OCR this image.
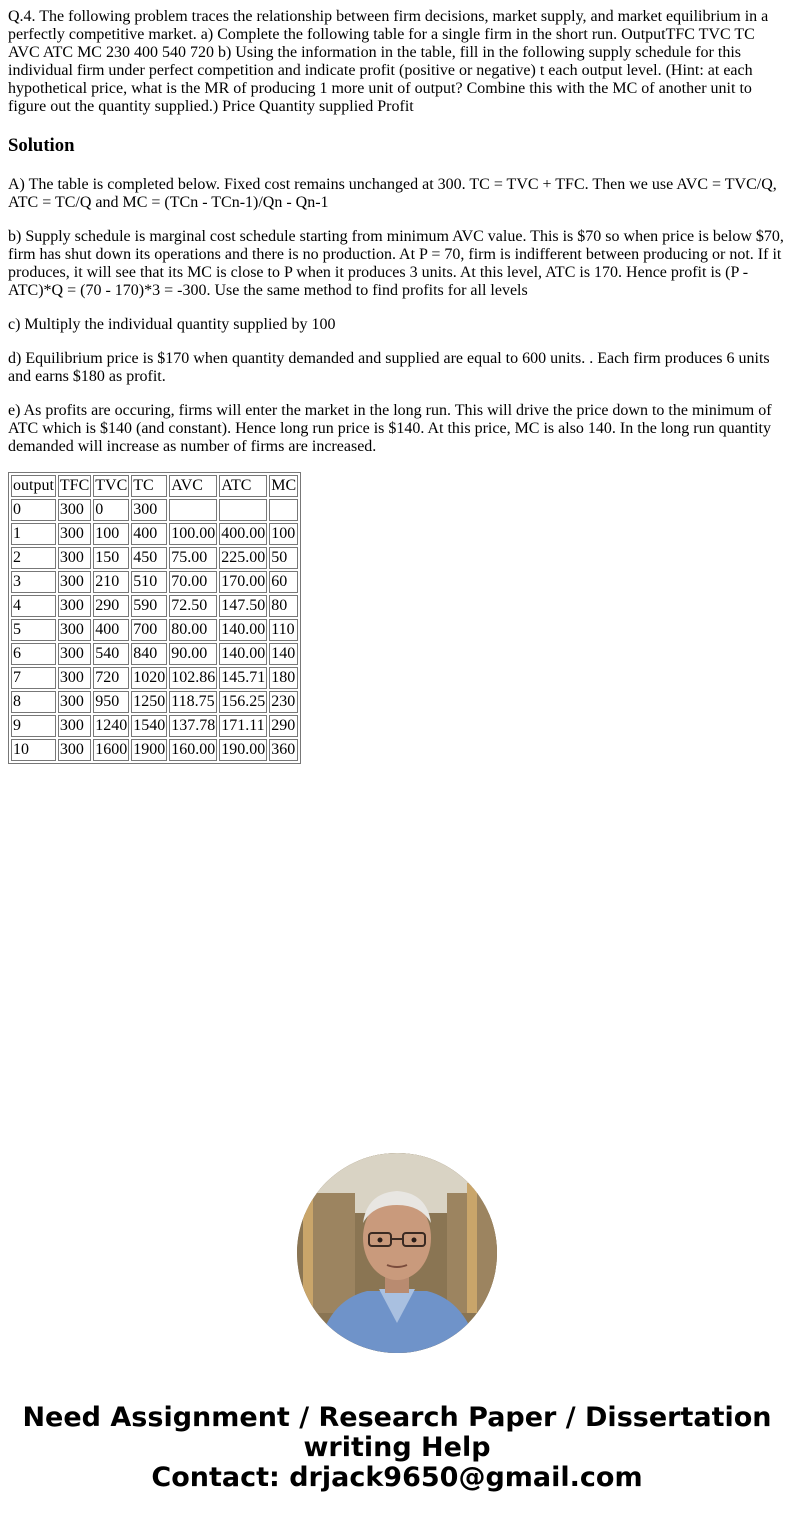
Q.4. The following problem traces the relationship between firm decisions, market supply, and market equilibrium in a perfectly competitive market. a) Complete the following table for a single firm in the short run. OutputTFC TVC TC AVC ATC MC 230 400 540 720 b) Using the information in the table, fill in the following supply schedule for this individual firm under perfect competition and indicate profit (positive or negative) t each output level. (Hint: at each hypothetical price, what is the MR of producing 1 more unit of output? Combine this with the MC of another unit to figure out the quantity supplied.) Price Quantity supplied Profit

Solution

A) The table is completed below. Fixed cost remains unchanged at 300. TC = TVC + TFC. Then we use AVC = TVC/Q, ATC = TC/Q and MC = (TCn - TCn-1)/Qn - Qn-1

b) Supply schedule is marginal cost schedule starting from minimum AVC value. This is $70 so when price is below $70, firm has shut down its operations and there is no production. At P = 70, firm is indifferent between producing or not. If it produces, it will see that its MC is close to P when it produces 3 units. At this level, ATC is 170. Hence profit is (P - ATC)*Q = (70 - 170)*3 = -300. Use the same method to find profits for all levels

c) Multiply the individual quantity supplied by 100

d) Equilibrium price is $170 when quantity demanded and supplied are equal to 600 units. . Each firm produces 6 units and earns $180 as profit.

e) As profits are occuring, firms will enter the market in the long run. This will drive the price down to the minimum of ATC which is $140 (and constant). Hence long run price is $140. At this price, MC is also 140. In the long run quantity demanded will increase as number of firms are increased.

output	TFC	TVC	TC	AVC	ATC	MC
0	300	0	300			
1	300	100	400	100.00	400.00	100
2	300	150	450	75.00	225.00	50
3	300	210	510	70.00	170.00	60
4	300	290	590	72.50	147.50	80
5	300	400	700	80.00	140.00	110
6	300	540	840	90.00	140.00	140
7	300	720	1020	102.86	145.71	180
8	300	950	1250	118.75	156.25	230
9	300	1240	1540	137.78	171.11	290
10	300	1600	1900	160.00	190.00	360
Need Assignment / Research Paper / Dissertation
writing Help
Contact: drjack9650@gmail.com
